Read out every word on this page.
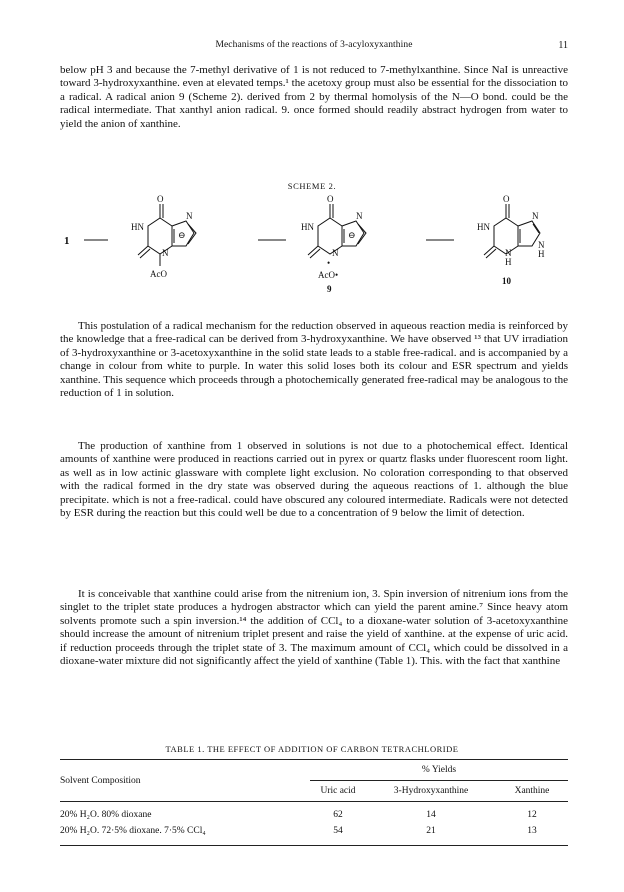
Mechanisms of the reactions of 3-acyloxyxanthine	11

below pH 3 and because the 7-methyl derivative of 1 is not reduced to 7-methylxanthine. Since NaI is unreactive toward 3-hydroxyxanthine. even at elevated temps.¹ the acetoxy group must also be essential for the dissociation to a radical. A radical anion 9 (Scheme 2). derived from 2 by thermal homolysis of the N—O bond. could be the radical intermediate. That xanthyl anion radical. 9. once formed should readily abstract hydrogen from water to yield the anion of xanthine.

SCHEME 2.
1
O
HN
N
N
⊖
AcO
O
HN
N
N
⊖
•
AcO•
9
O
HN
N
N
N
H
H
10

This postulation of a radical mechanism for the reduction observed in aqueous reaction media is reinforced by the knowledge that a free-radical can be derived from 3-hydroxyxanthine. We have observed ¹³ that UV irradiation of 3-hydroxyxanthine or 3-acetoxyxanthine in the solid state leads to a stable free-radical. and is accompanied by a change in colour from white to purple. In water this solid loses both its colour and ESR spectrum and yields xanthine. This sequence which proceeds through a photochemically generated free-radical may be analogous to the reduction of 1 in solution.

The production of xanthine from 1 observed in solutions is not due to a photochemical effect. Identical amounts of xanthine were produced in reactions carried out in pyrex or quartz flasks under fluorescent room light. as well as in low actinic glassware with complete light exclusion. No coloration corresponding to that observed with the radical formed in the dry state was observed during the aqueous reactions of 1. although the blue precipitate. which is not a free-radical. could have obscured any coloured intermediate. Radicals were not detected by ESR during the reaction but this could well be due to a concentration of 9 below the limit of detection.

It is conceivable that xanthine could arise from the nitrenium ion, 3. Spin inversion of nitrenium ions from the singlet to the triplet state produces a hydrogen abstractor which can yield the parent amine.⁷ Since heavy atom solvents promote such a spin inversion.¹⁴ the addition of CCl₄ to a dioxane-water solution of 3-acetoxyxanthine should increase the amount of nitrenium triplet present and raise the yield of xanthine. at the expense of uric acid. if reduction proceeds through the triplet state of 3. The maximum amount of CCl₄ which could be dissolved in a dioxane-water mixture did not significantly affect the yield of xanthine (Table 1). This. with the fact that xanthine

TABLE 1. THE EFFECT OF ADDITION OF CARBON TETRACHLORIDE
Solvent Composition	% Yields		
	Uric acid	3-Hydroxyxanthine	Xanthine
20% H₂O. 80% dioxane	62	14	12
20% H₂O. 72·5% dioxane. 7·5% CCl₄	54	21	13
